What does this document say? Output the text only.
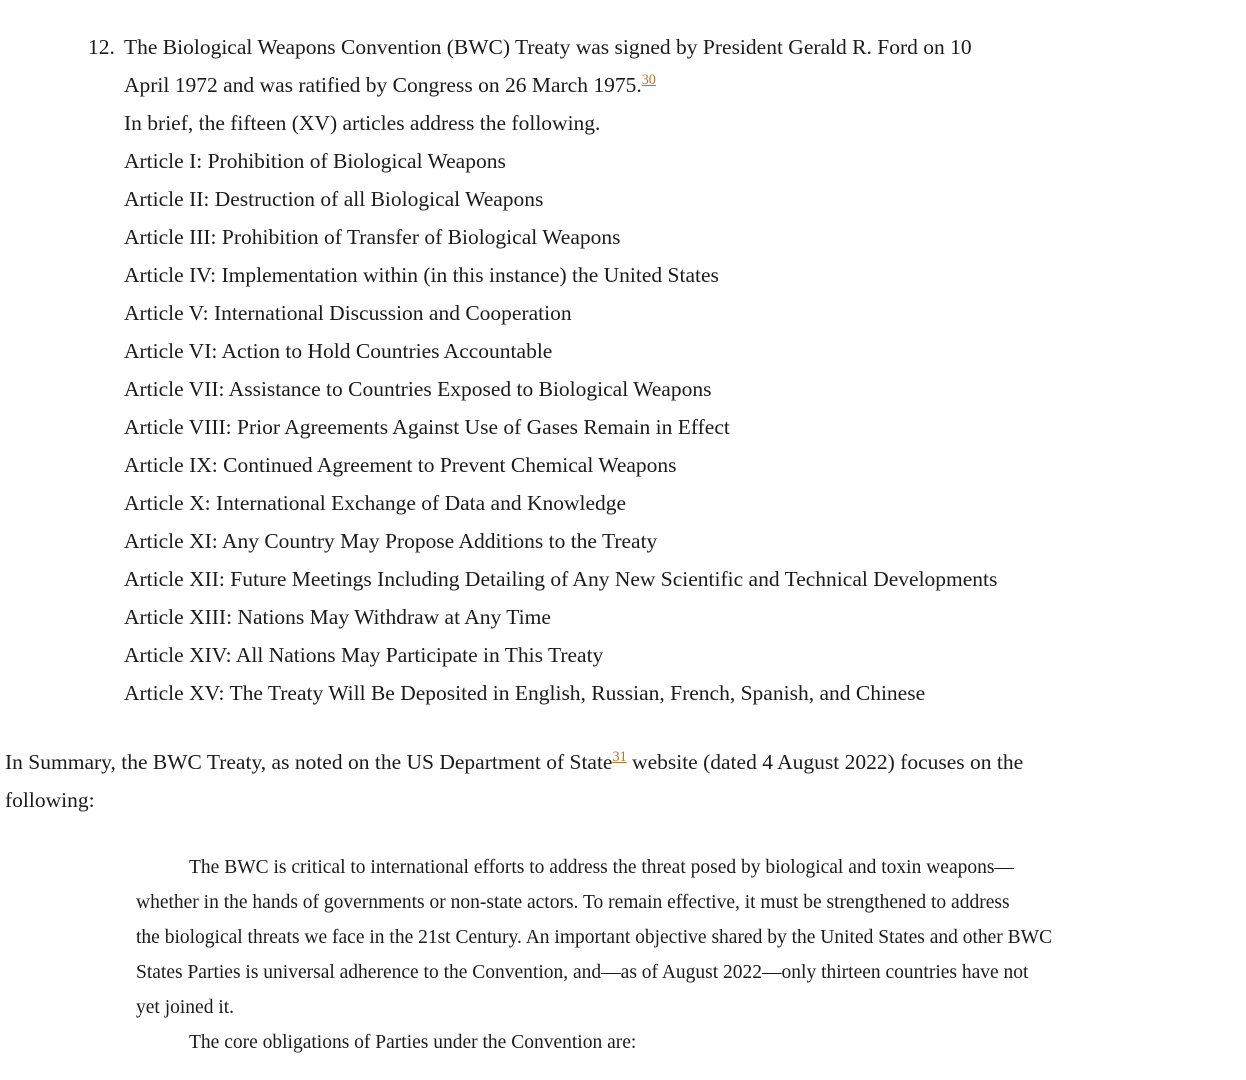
12. The Biological Weapons Convention (BWC) Treaty was signed by President Gerald R. Ford on 10
April 1972 and was ratified by Congress on 26 March 1975.30
In brief, the fifteen (XV) articles address the following.
Article I: Prohibition of Biological Weapons
Article II: Destruction of all Biological Weapons
Article III: Prohibition of Transfer of Biological Weapons
Article IV: Implementation within (in this instance) the United States
Article V: International Discussion and Cooperation
Article VI: Action to Hold Countries Accountable
Article VII: Assistance to Countries Exposed to Biological Weapons
Article VIII: Prior Agreements Against Use of Gases Remain in Effect
Article IX: Continued Agreement to Prevent Chemical Weapons
Article X: International Exchange of Data and Knowledge
Article XI: Any Country May Propose Additions to the Treaty
Article XII: Future Meetings Including Detailing of Any New Scientific and Technical Developments
Article XIII: Nations May Withdraw at Any Time
Article XIV: All Nations May Participate in This Treaty
Article XV: The Treaty Will Be Deposited in English, Russian, French, Spanish, and Chinese
In Summary, the BWC Treaty, as noted on the US Department of State$^{31}$ website (dated 4 August 2022) focuses on the
following:
The BWC is critical to international efforts to address the threat posed by biological and toxin weapons—
whether in the hands of governments or non-state actors. To remain effective, it must be strengthened to address
the biological threats we face in the 21st Century. An important objective shared by the United States and other BWC
States Parties is universal adherence to the Convention, and—as of August 2022—only thirteen countries have not
yet joined it.
The core obligations of Parties under the Convention are:
